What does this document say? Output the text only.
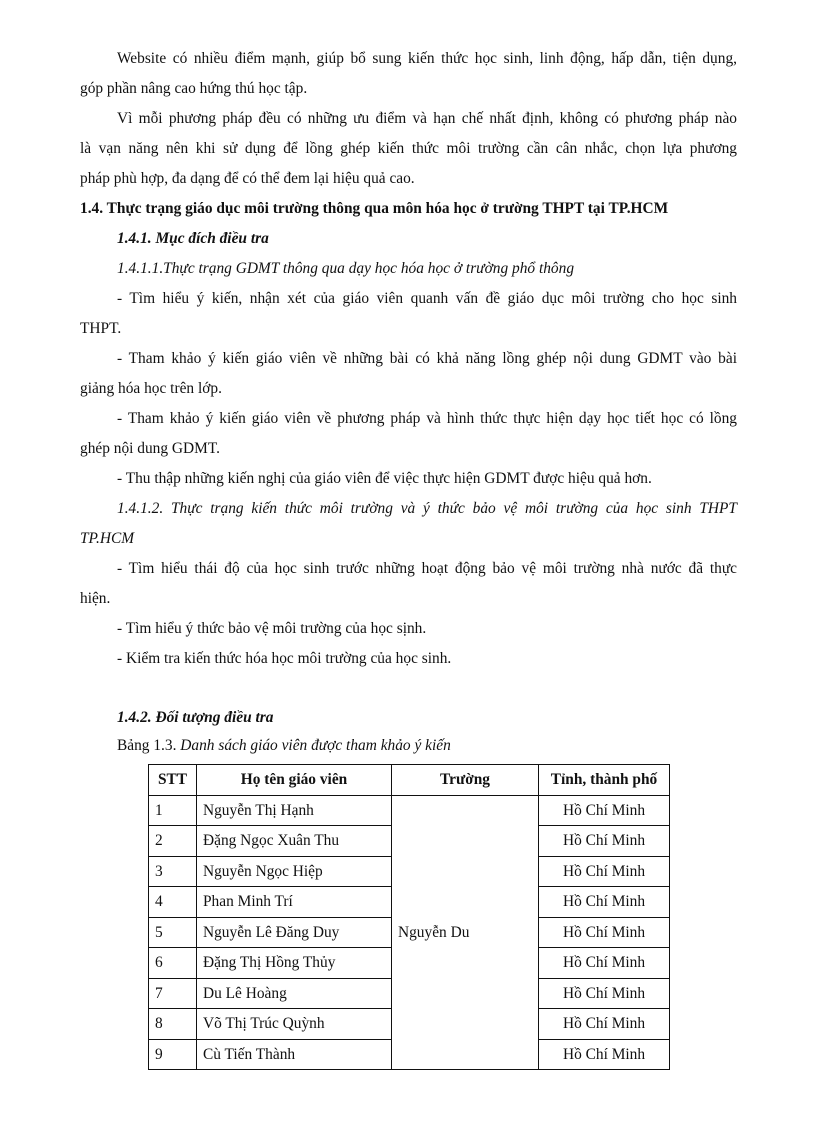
Website có nhiều điểm mạnh, giúp bổ sung kiến thức học sinh, linh động, hấp dẫn, tiện dụng,
góp phần nâng cao hứng thú học tập.
Vì mỗi phương pháp đều có những ưu điểm và hạn chế nhất định, không có phương pháp nào
là vạn năng nên khi sử dụng để lồng ghép kiến thức môi trường cần cân nhắc, chọn lựa phương
pháp phù hợp, đa dạng để có thể đem lại hiệu quả cao.
1.4. Thực trạng giáo dục môi trường thông qua môn hóa học ở trường THPT tại TP.HCM
1.4.1. Mục đích điều tra
1.4.1.1.Thực trạng GDMT thông qua dạy học hóa học ở trường phổ thông
- Tìm hiểu ý kiến, nhận xét của giáo viên quanh vấn đề giáo dục môi trường cho học sinh
THPT.
- Tham khảo ý kiến giáo viên về những bài có khả năng lồng ghép nội dung GDMT vào bài
giảng hóa học trên lớp.
- Tham khảo ý kiến giáo viên về phương pháp và hình thức thực hiện dạy học tiết học có lồng
ghép nội dung GDMT.
- Thu thập những kiến nghị của giáo viên để việc thực hiện GDMT được hiệu quả hơn.
1.4.1.2. Thực trạng kiến thức môi trường và ý thức bảo vệ môi trường của học sinh THPT
TP.HCM
- Tìm hiểu thái độ của học sinh trước những hoạt động bảo vệ môi trường nhà nước đã thực
hiện.
- Tìm hiểu ý thức bảo vệ môi trường của học sịnh.
- Kiểm tra kiến thức hóa học môi trường của học sinh.
1.4.2. Đối tượng điều tra
Bảng 1.3. Danh sách giáo viên được tham khảo ý kiến
STT	Họ tên giáo viên	Trường	Tỉnh, thành phố
1	Nguyễn Thị Hạnh	Nguyễn Du	Hồ Chí Minh
2	Đặng Ngọc Xuân Thu		Hồ Chí Minh
3	Nguyễn Ngọc Hiệp		Hồ Chí Minh
4	Phan Minh Trí		Hồ Chí Minh
5	Nguyễn Lê Đăng Duy		Hồ Chí Minh
6	Đặng Thị Hồng Thủy		Hồ Chí Minh
7	Du Lê Hoàng		Hồ Chí Minh
8	Võ Thị Trúc Quỳnh		Hồ Chí Minh
9	Cù Tiến Thành		Hồ Chí Minh
